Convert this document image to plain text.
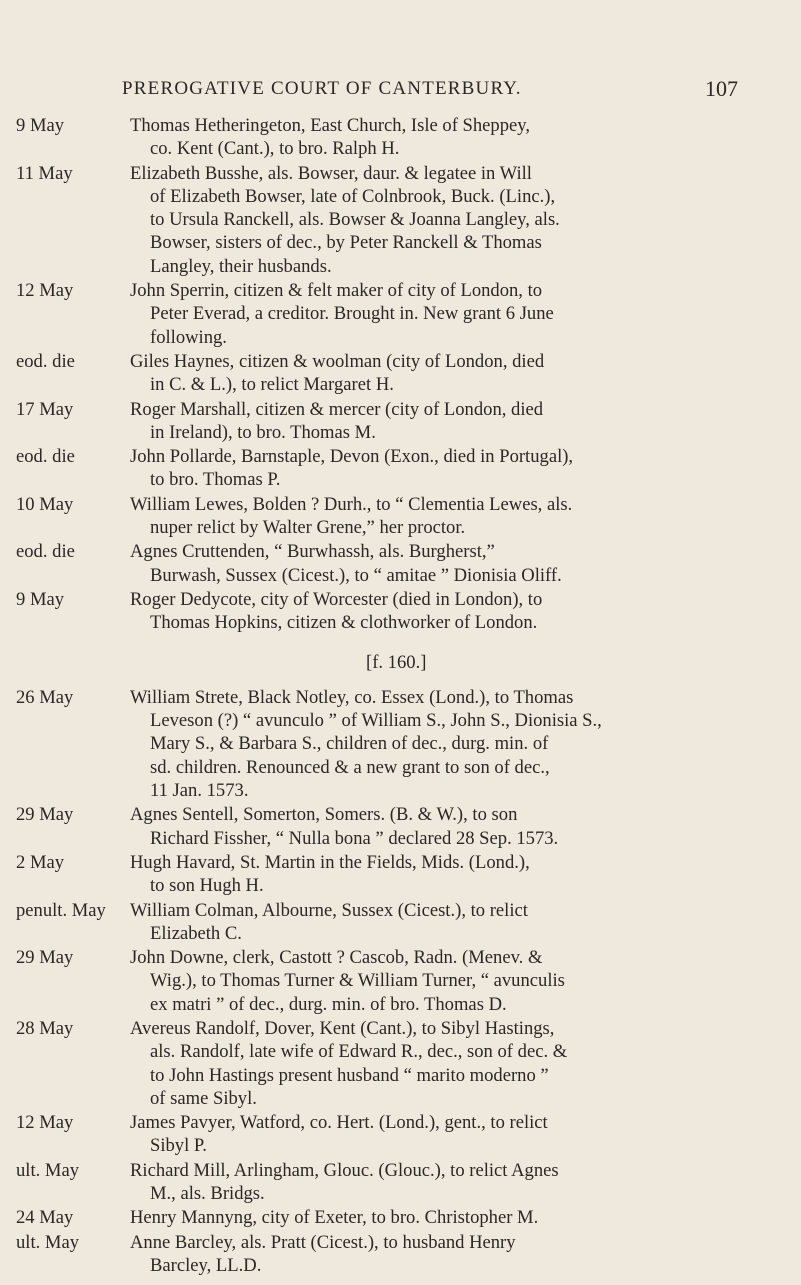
PREROGATIVE COURT OF CANTERBURY.	107
9 May	Thomas Hetheringeton, East Church, Isle of Sheppey,
co. Kent (Cant.), to bro. Ralph H.
11 May	Elizabeth Busshe, als. Bowser, daur. & legatee in Will
of Elizabeth Bowser, late of Colnbrook, Buck. (Linc.),
to Ursula Ranckell, als. Bowser & Joanna Langley, als.
Bowser, sisters of dec., by Peter Ranckell & Thomas
Langley, their husbands.
12 May	John Sperrin, citizen & felt maker of city of London, to
Peter Everad, a creditor. Brought in. New grant 6 June
following.
eod. die	Giles Haynes, citizen & woolman (city of London, died
in C. & L.), to relict Margaret H.
17 May	Roger Marshall, citizen & mercer (city of London, died
in Ireland), to bro. Thomas M.
eod. die	John Pollarde, Barnstaple, Devon (Exon., died in Portugal),
to bro. Thomas P.
10 May	William Lewes, Bolden ? Durh., to “ Clementia Lewes, als.
nuper relict by Walter Grene,” her proctor.
eod. die	Agnes Cruttenden, “ Burwhassh, als. Burgherst,”
Burwash, Sussex (Cicest.), to “ amitae ” Dionisia Oliff.
9 May	Roger Dedycote, city of Worcester (died in London), to
Thomas Hopkins, citizen & clothworker of London.
[f. 160.]
26 May	William Strete, Black Notley, co. Essex (Lond.), to Thomas
Leveson (?) “ avunculo ” of William S., John S., Dionisia S.,
Mary S., & Barbara S., children of dec., durg. min. of
sd. children. Renounced & a new grant to son of dec.,
11 Jan. 1573.
29 May	Agnes Sentell, Somerton, Somers. (B. & W.), to son
Richard Fissher, “ Nulla bona ” declared 28 Sep. 1573.
2 May	Hugh Havard, St. Martin in the Fields, Mids. (Lond.),
to son Hugh H.
penult. May	William Colman, Albourne, Sussex (Cicest.), to relict
Elizabeth C.
29 May	John Downe, clerk, Castott ? Cascob, Radn. (Menev. &
Wig.), to Thomas Turner & William Turner, “ avunculis
ex matri ” of dec., durg. min. of bro. Thomas D.
28 May	Avereus Randolf, Dover, Kent (Cant.), to Sibyl Hastings,
als. Randolf, late wife of Edward R., dec., son of dec. &
to John Hastings present husband “ marito moderno ”
of same Sibyl.
12 May	James Pavyer, Watford, co. Hert. (Lond.), gent., to relict
Sibyl P.
ult. May	Richard Mill, Arlingham, Glouc. (Glouc.), to relict Agnes
M., als. Bridgs.
24 May	Henry Mannyng, city of Exeter, to bro. Christopher M.
ult. May	Anne Barcley, als. Pratt (Cicest.), to husband Henry
Barcley, LL.D.
